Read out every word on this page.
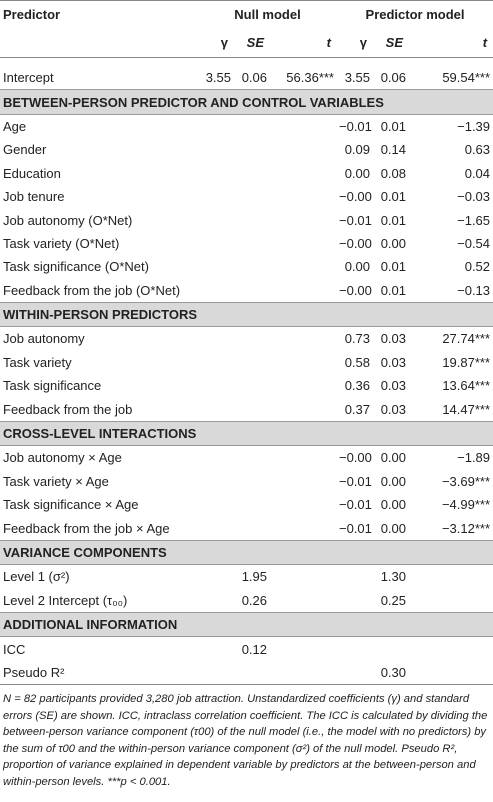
Predictor	Null model			Predictor model		
	γ	SE	t	γ	SE	t

Intercept	3.55	0.06	56.36***	3.55	0.06	59.54***
BETWEEN-PERSON PREDICTOR AND CONTROL VARIABLES						
Age				−0.01	0.01	−1.39
Gender				0.09	0.14	0.63
Education				0.00	0.08	0.04
Job tenure				−0.00	0.01	−0.03
Job autonomy (O*Net)				−0.01	0.01	−1.65
Task variety (O*Net)				−0.00	0.00	−0.54
Task significance (O*Net)				0.00	0.01	0.52
Feedback from the job (O*Net)				−0.00	0.01	−0.13
WITHIN-PERSON PREDICTORS						
Job autonomy				0.73	0.03	27.74***
Task variety				0.58	0.03	19.87***
Task significance				0.36	0.03	13.64***
Feedback from the job				0.37	0.03	14.47***
CROSS-LEVEL INTERACTIONS						
Job autonomy × Age				−0.00	0.00	−1.89
Task variety × Age				−0.01	0.00	−3.69***
Task significance × Age				−0.01	0.00	−4.99***
Feedback from the job × Age				−0.01	0.00	−3.12***
VARIANCE COMPONENTS						
Level 1 (σ²)		1.95			1.30	
Level 2 Intercept (τ₀₀)		0.26			0.25	
ADDITIONAL INFORMATION						
ICC		0.12				
Pseudo R²					0.30	
N = 82 participants provided 3,280 job attraction. Unstandardized coefficients (γ) and standard errors (SE) are shown. ICC, intraclass correlation coefficient. The ICC is calculated by dividing the between-person variance component (τ00) of the null model (i.e., the model with no predictors) by the sum of τ00 and the within-person variance component (σ²) of the null model. Pseudo R², proportion of variance explained in dependent variable by predictors at the between-person and within-person levels. ***p < 0.001.
